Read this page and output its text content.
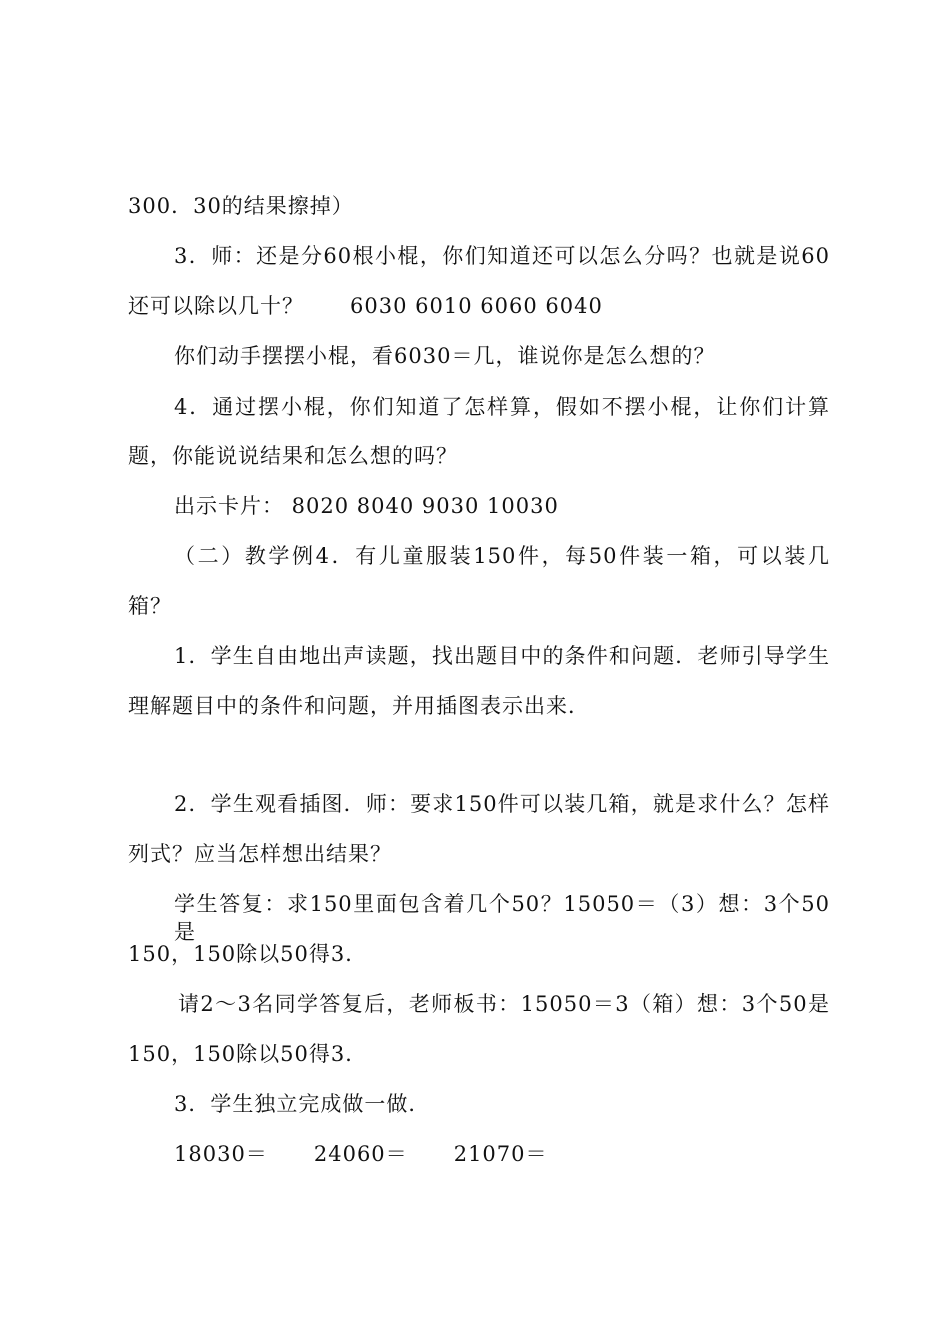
300．30的结果擦掉）
3．师：还是分60根小棍，你们知道还可以怎么分吗？也就是说60
还可以除以几十？      6030 6010 6060 6040
你们动手摆摆小棍，看6030＝几，谁说你是怎么想的？
4．通过摆小棍，你们知道了怎样算，假如不摆小棍，让你们计算
题，你能说说结果和怎么想的吗？
出示卡片： 8020 8040 9030 10030
（二）教学例4．有儿童服装150件，每50件装一箱，可以装几
箱？
1．学生自由地出声读题，找出题目中的条件和问题．老师引导学生
理解题目中的条件和问题，并用插图表示出来．
2．学生观看插图．师：要求150件可以装几箱，就是求什么？怎样
列式？应当怎样想出结果？
学生答复：求150里面包含着几个50？15050＝（3）想：3个50是
150，150除以50得3．
请2～3名同学答复后，老师板书：15050＝3（箱）想：3个50是
150，150除以50得3．
3．学生独立完成做一做．
18030＝      24060＝      21070＝
